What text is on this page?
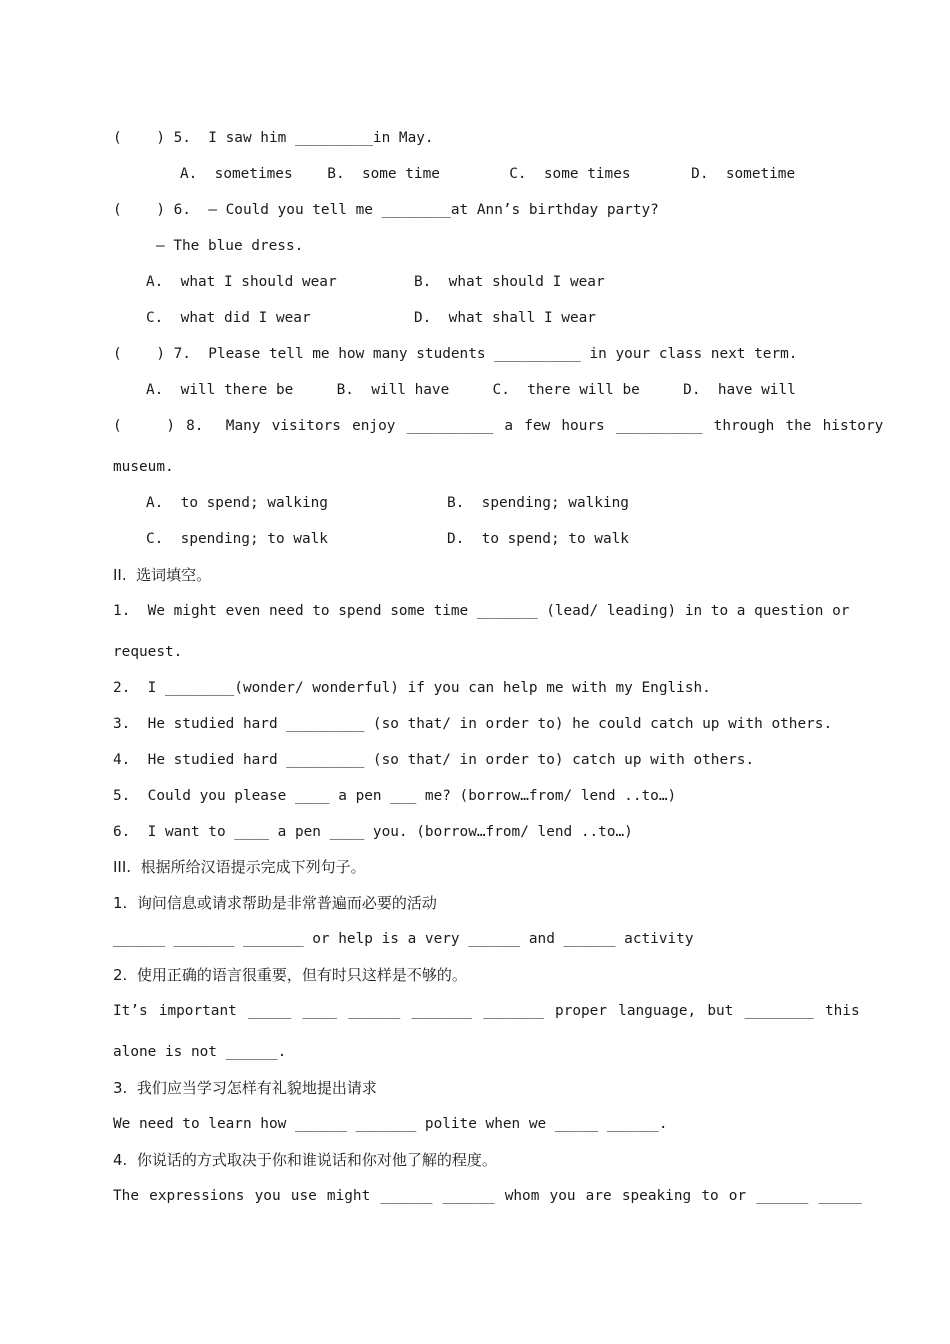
(    ) 5.  I saw him _________in May.
A.  sometimes    B.  some time        C.  some times       D.  sometime
(    ) 6.  — Could you tell me ________at Ann’s birthday party?
— The blue dress.
A.  what I should wear	B.  what should I wear
C.  what did I wear	D.  what shall I wear
(    ) 7.  Please tell me how many students __________ in your class next term.
A.  will there be     B.  will have     C.  there will be     D.  have will
(    ) 8.  Many visitors enjoy __________ a few hours __________ through the history
museum.
A.  to spend; walking	B.  spending; walking
C.  spending; to walk	D.  to spend; to walk
II.  选词填空。
1.  We might even need to spend some time _______ (lead/ leading) in to a question or
request.
2.  I ________(wonder/ wonderful) if you can help me with my English.
3.  He studied hard _________ (so that/ in order to) he could catch up with others.
4.  He studied hard _________ (so that/ in order to) catch up with others.
5.  Could you please ____ a pen ___ me? (borrow…from/ lend ..to…)
6.  I want to ____ a pen ____ you. (borrow…from/ lend ..to…)
III.  根据所给汉语提示完成下列句子。
1.  询问信息或请求帮助是非常普遍而必要的活动
______ _______ _______ or help is a very ______ and ______ activity
2.  使用正确的语言很重要，但有时只这样是不够的。
It’s important _____ ____ ______ _______ _______ proper language, but ________ this
alone is not ______.
3.  我们应当学习怎样有礼貌地提出请求
We need to learn how ______ _______ polite when we _____ ______.
4.  你说话的方式取决于你和谁说话和你对他了解的程度。
The expressions you use might ______ ______ whom you are speaking to or ______ _____
